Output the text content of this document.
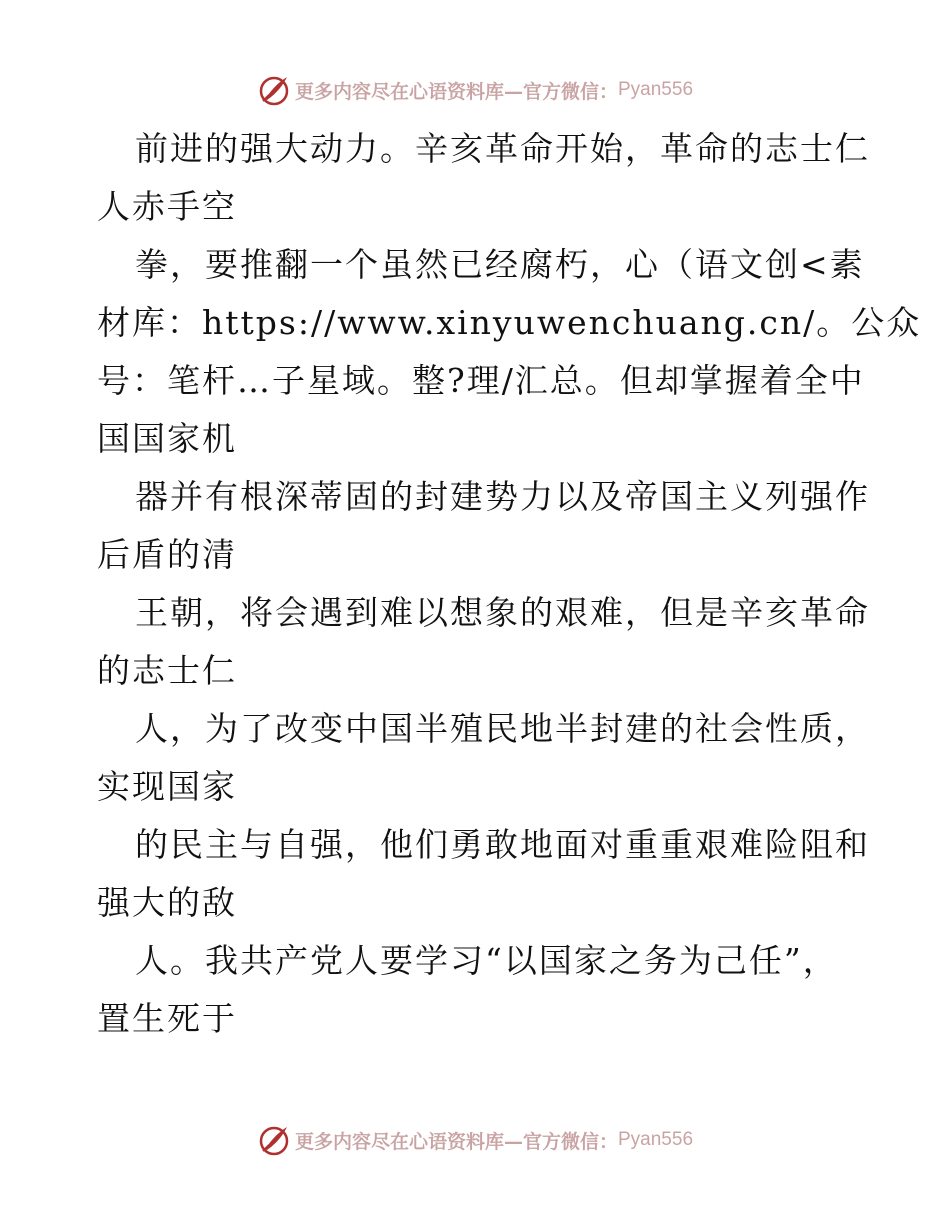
更多内容尽在心语资料库—官方微信： Pyan556
前进的强大动力。辛亥革命开始，革命的志士仁
人赤手空
拳，要推翻一个虽然已经腐朽，心（语文创<素
材库：https://www.xinyuwenchuang.cn/。公众
号：笔杆…子星域。整?理/汇总。但却掌握着全中
国国家机
器并有根深蒂固的封建势力以及帝国主义列强作
后盾的清
王朝，将会遇到难以想象的艰难，但是辛亥革命
的志士仁
人，为了改变中国半殖民地半封建的社会性质，
实现国家
的民主与自强，他们勇敢地面对重重艰难险阻和
强大的敌
人。我共产党人要学习“以国家之务为己任”，
置生死于
更多内容尽在心语资料库—官方微信： Pyan556
